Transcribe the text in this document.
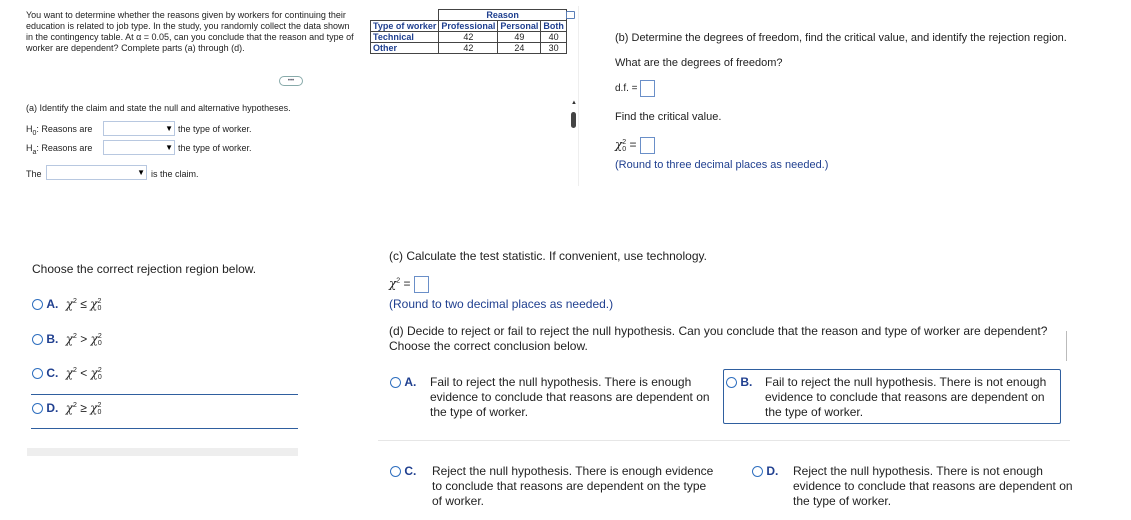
You want to determine whether the reasons given by workers for continuing their education is related to job type. In the study, you randomly collect the data shown in the contingency table. At α = 0.05, can you conclude that the reason and type of worker are dependent? Complete parts (a) through (d).
	Reason		
Type of worker	Professional	Personal	Both
Technical	42	49	40
Other	42	24	30
•••
(a) Identify the claim and state the null and alternative hypotheses.
$H_0$: Reasons are	▼ the type of worker.
$H_a$: Reasons are	▼ the type of worker.
The	▼ is the claim.
▲
(b) Determine the degrees of freedom, find the critical value, and identify the rejection region.
What are the degrees of freedom?
d.f. =
Find the critical value.
χ 2
0 =
(Round to three decimal places as needed.)
Choose the correct rejection region below.
A. $\chi^2 \le \chi$ 2
0
B. $\chi^2 > \chi$ 2
0
C. $\chi^2 < \chi$ 2
0
D. $\chi^2 \ge \chi$ 2
0
(c) Calculate the test statistic. If convenient, use technology.
$\chi^2$ =
(Round to two decimal places as needed.)
(d) Decide to reject or fail to reject the null hypothesis. Can you conclude that the reason and type of worker are dependent?
Choose the correct conclusion below.
A. Fail to reject the null hypothesis. There is enough
evidence to conclude that reasons are dependent on
the type of worker.
B. Fail to reject the null hypothesis. There is not enough
evidence to conclude that reasons are dependent on
the type of worker.
C. Reject the null hypothesis. There is enough evidence
to conclude that reasons are dependent on the type
of worker.
D. Reject the null hypothesis. There is not enough
evidence to conclude that reasons are dependent on
the type of worker.
